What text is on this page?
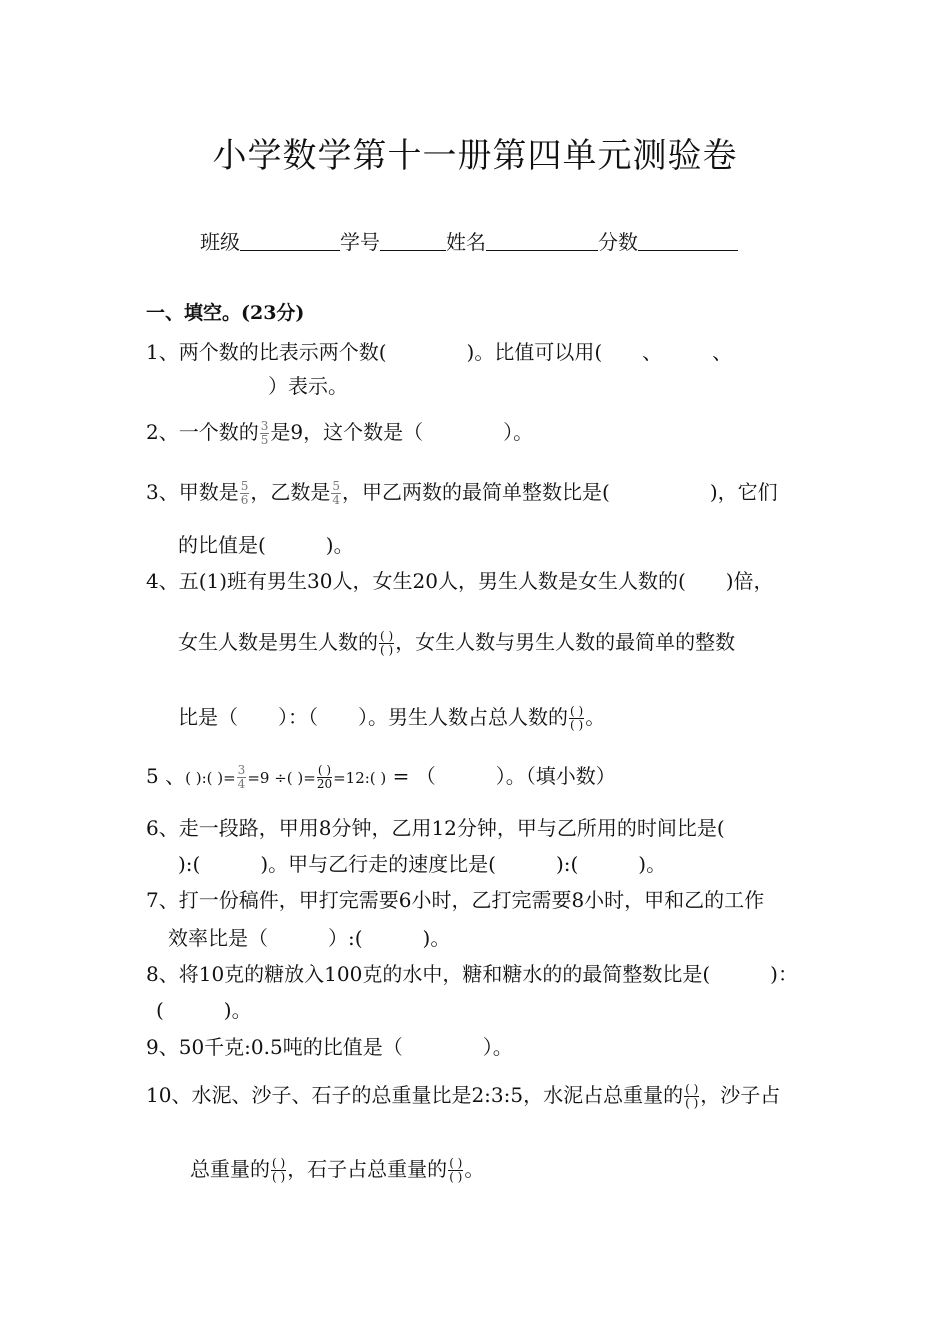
小学数学第十一册第四单元测验卷
班级	学号	姓名	分数
一、填空。(23分)
1、两个数的比表示两个数(　　　　)。比值可以用(　　、　　　、
）表示。
2、一个数的 $\frac{3}{5}$ 是9，这个数是（　　　　）。
3、甲数是 $\frac{5}{6}$ ，乙数是 $\frac{5}{4}$ ，甲乙两数的最简单整数比是(　　　　　)，它们
的比值是(　　　)。
4、五(1)班有男生30人，女生20人，男生人数是女生人数的(　　)倍，
女生人数是男生人数的 $\frac{( )}{( )}$ ，女生人数与男生人数的最简单的整数
比是（　　）：（　　）。男生人数占总人数的 $\frac{( )}{( )}$ 。
5 、( ):( )= $\frac{3}{4} =9$ ÷( )= $\frac{( )}{20}$ =12:( ) = （　　　）。（填小数）
6、走一段路，甲用8分钟，乙用12分钟，甲与乙所用的时间比是(
):(　　　)。甲与乙行走的速度比是(　　　):(　　　)。
7、打一份稿件，甲打完需要6小时，乙打完需要8小时，甲和乙的工作
效率比是（　　　）:(　　　)。
8、将10克的糖放入100克的水中，糖和糖水的的最简整数比是(　　　)：
(　　　)。
9、50千克:0.5吨的比值是（　　　　）。
10、水泥、沙子、石子的总重量比是2:3:5，水泥占总重量的 $\frac{( )}{( )}$ ，沙子占
总重量的 $\frac{( )}{( )}$ ，石子占总重量的 $\frac{( )}{( )}$ 。
